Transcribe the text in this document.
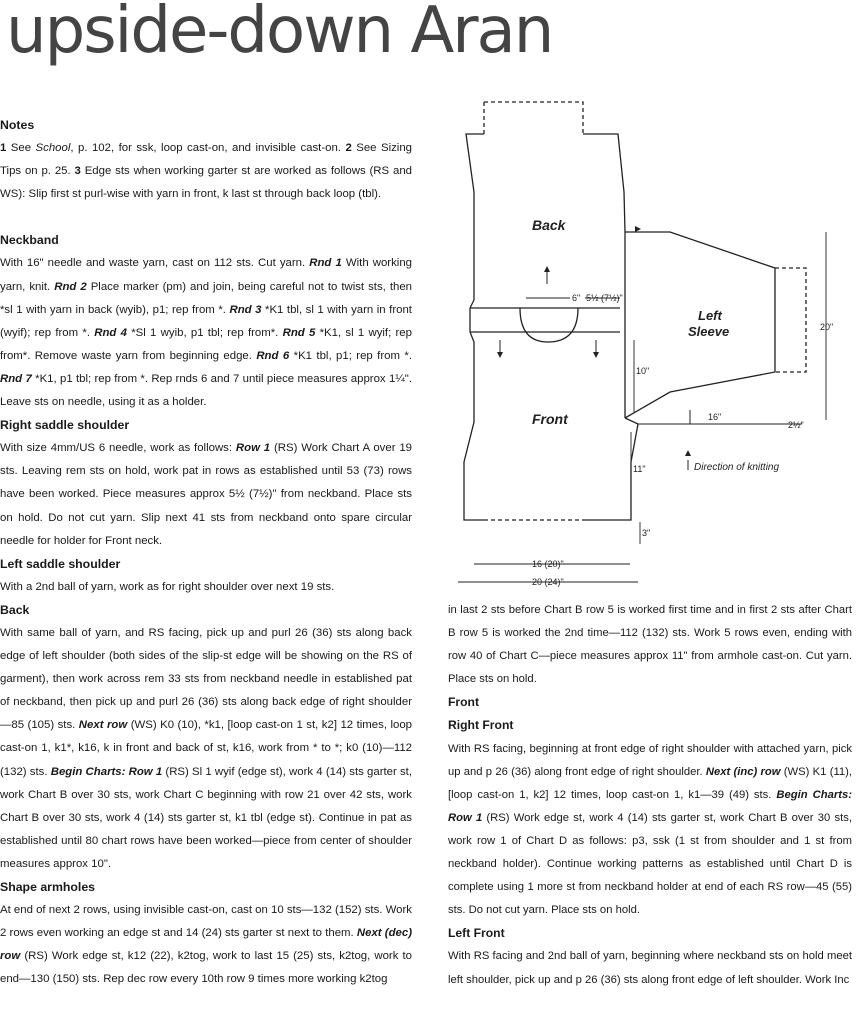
upside-down Aran
Notes

1 See School, p. 102, for ssk, loop cast-on, and invisible cast-on. 2 See Sizing Tips on p. 25. 3 Edge sts when working garter st are worked as follows (RS and WS): Slip first st purl-wise with yarn in front, k last st through back loop (tbl).

Neckband

With 16" needle and waste yarn, cast on 112 sts. Cut yarn. Rnd 1 With working yarn, knit. Rnd 2 Place marker (pm) and join, being careful not to twist sts, then *sl 1 with yarn in back (wyib), p1; rep from *. Rnd 3 *K1 tbl, sl 1 with yarn in front (wyif); rep from *. Rnd 4 *Sl 1 wyib, p1 tbl; rep from*. Rnd 5 *K1, sl 1 wyif; rep from*. Remove waste yarn from beginning edge. Rnd 6 *K1 tbl, p1; rep from *. Rnd 7 *K1, p1 tbl; rep from *. Rep rnds 6 and 7 until piece measures approx 1¼". Leave sts on needle, using it as a holder.

Right saddle shoulder

With size 4mm/US 6 needle, work as follows: Row 1 (RS) Work Chart A over 19 sts. Leaving rem sts on hold, work pat in rows as established until 53 (73) rows have been worked. Piece measures approx 5½ (7½)" from neckband. Place sts on hold. Do not cut yarn. Slip next 41 sts from neckband onto spare circular needle for holder for Front neck.

Left saddle shoulder

With a 2nd ball of yarn, work as for right shoulder over next 19 sts.

Back

With same ball of yarn, and RS facing, pick up and purl 26 (36) sts along back edge of left shoulder (both sides of the slip-st edge will be showing on the RS of garment), then work across rem 33 sts from neckband needle in established pat of neckband, then pick up and purl 26 (36) sts along back edge of right shoulder—85 (105) sts. Next row (WS) K0 (10), *k1, [loop cast-on 1 st, k2] 12 times, loop cast-on 1, k1*, k16, k in front and back of st, k16, work from * to *; k0 (10)—112 (132) sts. Begin Charts: Row 1 (RS) Sl 1 wyif (edge st), work 4 (14) sts garter st, work Chart B over 30 sts, work Chart C beginning with row 21 over 42 sts, work Chart B over 30 sts, work 4 (14) sts garter st, k1 tbl (edge st). Continue in pat as established until 80 chart rows have been worked—piece from center of shoulder measures approx 10".

Shape armholes

At end of next 2 rows, using invisible cast-on, cast on 10 sts—132 (152) sts. Work 2 rows even working an edge st and 14 (24) sts garter st next to them. Next (dec) row (RS) Work edge st, k12 (22), k2tog, work to last 15 (25) sts, k2tog, work to end—130 (150) sts. Rep dec row every 10th row 9 times more working k2tog

in last 2 sts before Chart B row 5 is worked first time and in first 2 sts after Chart B row 5 is worked the 2nd time—112 (132) sts. Work 5 rows even, ending with row 40 of Chart C—piece measures approx 11" from armhole cast-on. Cut yarn. Place sts on hold.

Front
Right Front

With RS facing, beginning at front edge of right shoulder with attached yarn, pick up and p 26 (36) along front edge of right shoulder. Next (inc) row (WS) K1 (11), [loop cast-on 1, k2] 12 times, loop cast-on 1, k1—39 (49) sts. Begin Charts: Row 1 (RS) Work edge st, work 4 (14) sts garter st, work Chart B over 30 sts, work row 1 of Chart D as follows: p3, ssk (1 st from shoulder and 1 st from neckband holder). Continue working patterns as established until Chart D is complete using 1 more st from neckband holder at end of each RS row—45 (55) sts. Do not cut yarn. Place sts on hold.

Left Front

With RS facing and 2nd ball of yarn, beginning where neckband sts on hold meet left shoulder, pick up and p 26 (36) sts along front edge of left shoulder. Work Inc

Back
Front
Left
Sleeve
6" 5½ (7½)"
10"
11"
3"
16 (20)"
20 (24)"
16"
2½"
20"
Direction of knitting
